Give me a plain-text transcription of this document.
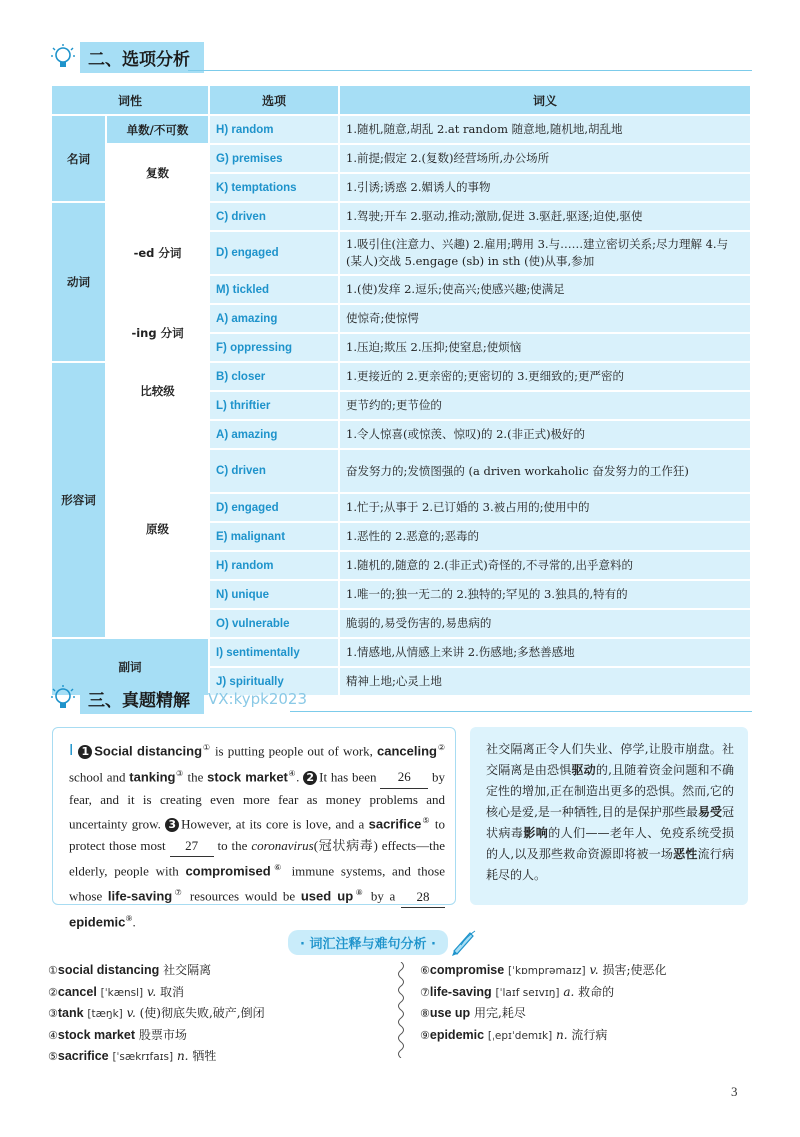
二、选项分析
词性		选项	词义
名词	单数/不可数	H) random	1.随机,随意,胡乱 2.at random 随意地,随机地,胡乱地
	复数	G) premises	1.前提;假定 2.(复数)经营场所,办公场所
		K) temptations	1.引诱;诱惑 2.媚诱人的事物
动词	-ed 分词	C) driven	1.驾驶;开车 2.驱动,推动;激励,促进 3.驱赶,驱逐;迫使,驱使
		D) engaged	1.吸引住(注意力、兴趣) 2.雇用;聘用 3.与……建立密切关系;尽力理解 4.与(某人)交战 5.engage (sb) in sth (使)从事,参加
		M) tickled	1.(使)发痒 2.逗乐;使高兴;使感兴趣;使满足
	-ing 分词	A) amazing	使惊奇;使惊愕
		F) oppressing	1.压迫;欺压 2.压抑;使窒息;使烦恼
形容词	比较级	B) closer	1.更接近的 2.更亲密的;更密切的 3.更细致的;更严密的
		L) thriftier	更节约的;更节俭的
	原级	A) amazing	1.令人惊喜(或惊羡、惊叹)的 2.(非正式)极好的
		C) driven	奋发努力的;发愤图强的 (a driven workaholic 奋发努力的工作狂)
		D) engaged	1.忙于;从事于 2.已订婚的 3.被占用的;使用中的
		E) malignant	1.恶性的 2.恶意的;恶毒的
		H) random	1.随机的,随意的 2.(非正式)奇怪的,不寻常的,出乎意料的
		N) unique	1.唯一的;独一无二的 2.独特的;罕见的 3.独具的,特有的
		O) vulnerable	脆弱的,易受伤害的,易患病的
副词		I) sentimentally	1.情感地,从情感上来讲 2.伤感地;多愁善感地
		J) spiritually	精神上地;心灵上地
三、真题精解	VX:kypk2023
Ⅰ 1 Social distancing① is putting people out of work, canceling② school and tanking③ the stock market④. 2 It has been 26 by fear, and it is creating even more fear as money problems and uncertainty grow. 3 However, at its core is love, and a sacrifice⑤ to protect those most 27 to the coronavirus(冠状病毒) effects—the elderly, people with compromised⑥ immune systems, and those whose life-saving⑦ resources would be used up⑧ by a 28 epidemic⑨.
社交隔离正令人们失业、停学,让股市崩盘。社交隔离是由恐惧驱动的,且随着资金问题和不确定性的增加,正在制造出更多的恐惧。然而,它的核心是爱,是一种牺牲,目的是保护那些最易受冠状病毒影响的人们——老年人、免疫系统受损的人,以及那些救命资源即将被一场恶性流行病耗尽的人。
· 词汇注释与难句分析 ·
①social distancing 社交隔离
②cancel [ˈkænsl] v. 取消
③tank [tæŋk] v. (使)彻底失败,破产,倒闭
④stock market 股票市场
⑤sacrifice [ˈsækrɪfaɪs] n. 牺牲
⑥compromise [ˈkɒmprəmaɪz] v. 损害;使恶化
⑦life-saving [ˈlaɪf seɪvɪŋ] a. 救命的
⑧use up 用完,耗尽
⑨epidemic [ˌepɪˈdemɪk] n. 流行病
3
